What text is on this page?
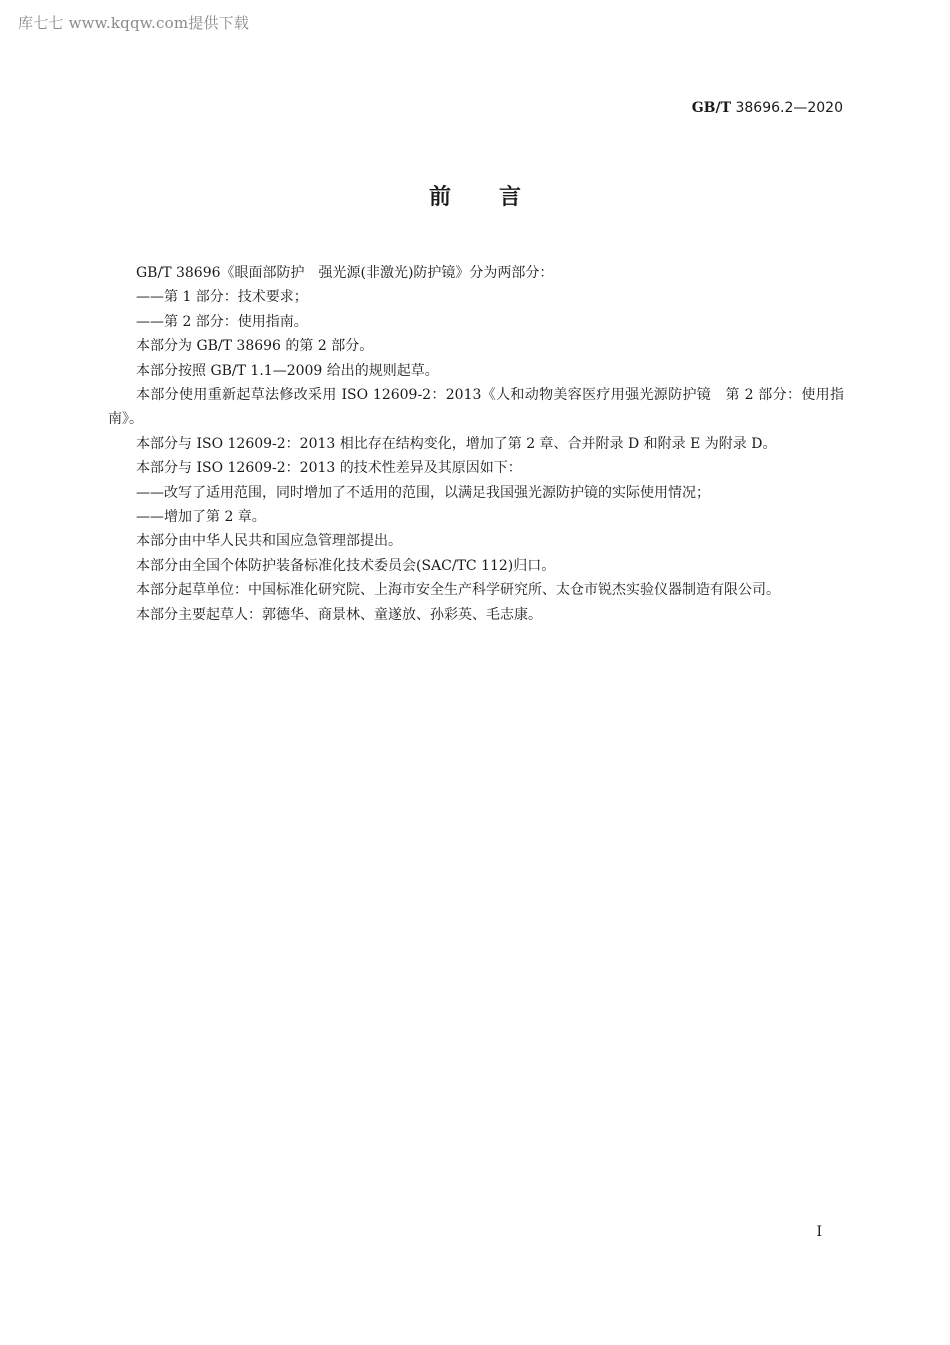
库七七 www.kqqw.com提供下载
GB/T 38696.2—2020
前言

GB/T 38696《眼面部防护　强光源(非激光)防护镜》分为两部分：

——第 1 部分：技术要求；

——第 2 部分：使用指南。

本部分为 GB/T 38696 的第 2 部分。

本部分按照 GB/T 1.1—2009 给出的规则起草。

本部分使用重新起草法修改采用 ISO 12609-2：2013《人和动物美容医疗用强光源防护镜　第 2 部分：使用指南》。

本部分与 ISO 12609-2：2013 相比存在结构变化，增加了第 2 章、合并附录 D 和附录 E 为附录 D。

本部分与 ISO 12609-2：2013 的技术性差异及其原因如下：

——改写了适用范围，同时增加了不适用的范围，以满足我国强光源防护镜的实际使用情况；

——增加了第 2 章。

本部分由中华人民共和国应急管理部提出。

本部分由全国个体防护装备标准化技术委员会(SAC/TC 112)归口。

本部分起草单位：中国标准化研究院、上海市安全生产科学研究所、太仓市锐杰实验仪器制造有限公司。

本部分主要起草人：郭德华、商景林、童遂放、孙彩英、毛志康。

I
